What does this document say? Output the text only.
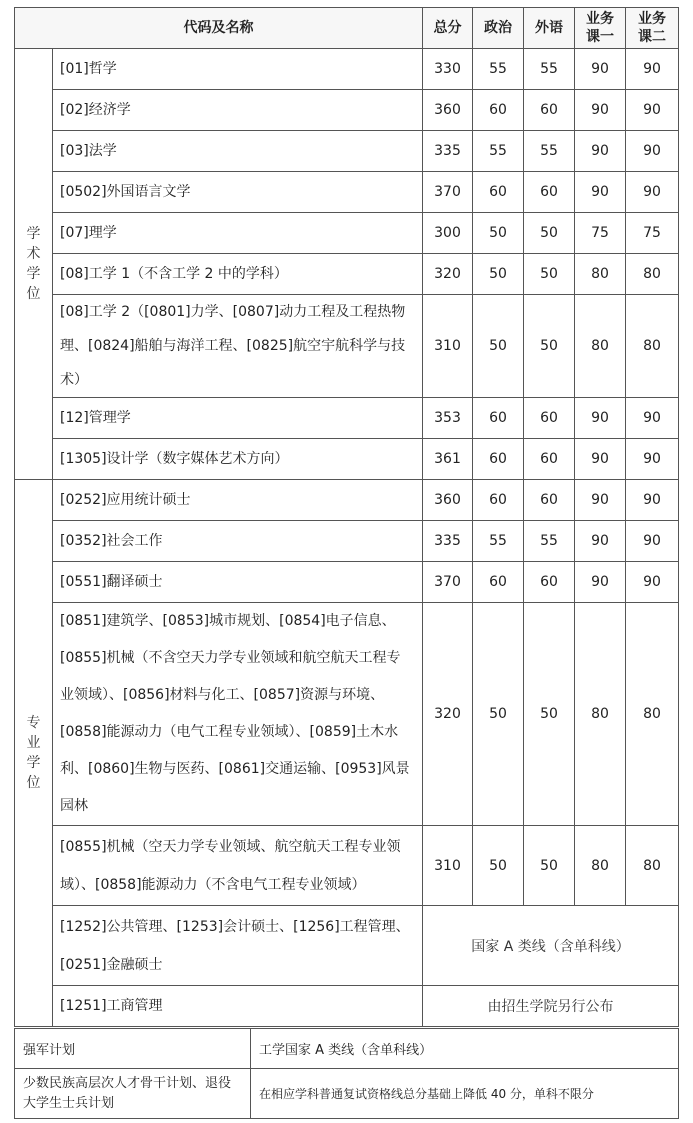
代码及名称		总分	政治	外语	业务课一	业务课二

学术学位	[01]哲学	330	55	55	90	90
	[02]经济学	360	60	60	90	90
	[03]法学	335	55	55	90	90
	[0502]外国语言文学	370	60	60	90	90
	[07]理学	300	50	50	75	75
	[08]工学 1（不含工学 2 中的学科）	320	50	50	80	80
	[08]工学 2（[0801]力学、[0807]动力工程及工程热物理、[0824]船舶与海洋工程、[0825]航空宇航科学与技术）	310	50	50	80	80
	[12]管理学	353	60	60	90	90
	[1305]设计学（数字媒体艺术方向）	361	60	60	90	90
专业学位	[0252]应用统计硕士	360	60	60	90	90
	[0352]社会工作	335	55	55	90	90
	[0551]翻译硕士	370	60	60	90	90
	[0851]建筑学、[0853]城市规划、[0854]电子信息、[0855]机械（不含空天力学专业领域和航空航天工程专业领域）、[0856]材料与化工、[0857]资源与环境、[0858]能源动力（电气工程专业领域）、[0859]土木水利、[0860]生物与医药、[0861]交通运输、[0953]风景园林	320	50	50	80	80
	[0855]机械（空天力学专业领域、航空航天工程专业领域）、[0858]能源动力（不含电气工程专业领域）	310	50	50	80	80
	[1252]公共管理、[1253]会计硕士、[1256]工程管理、[0251]金融硕士	国家 A 类线（含单科线）				
	[1251]工商管理	由招生学院另行公布				
强军计划	工学国家 A 类线（含单科线）
少数民族高层次人才骨干计划、退役大学生士兵计划	在相应学科普通复试资格线总分基础上降低 40 分，单科不限分
